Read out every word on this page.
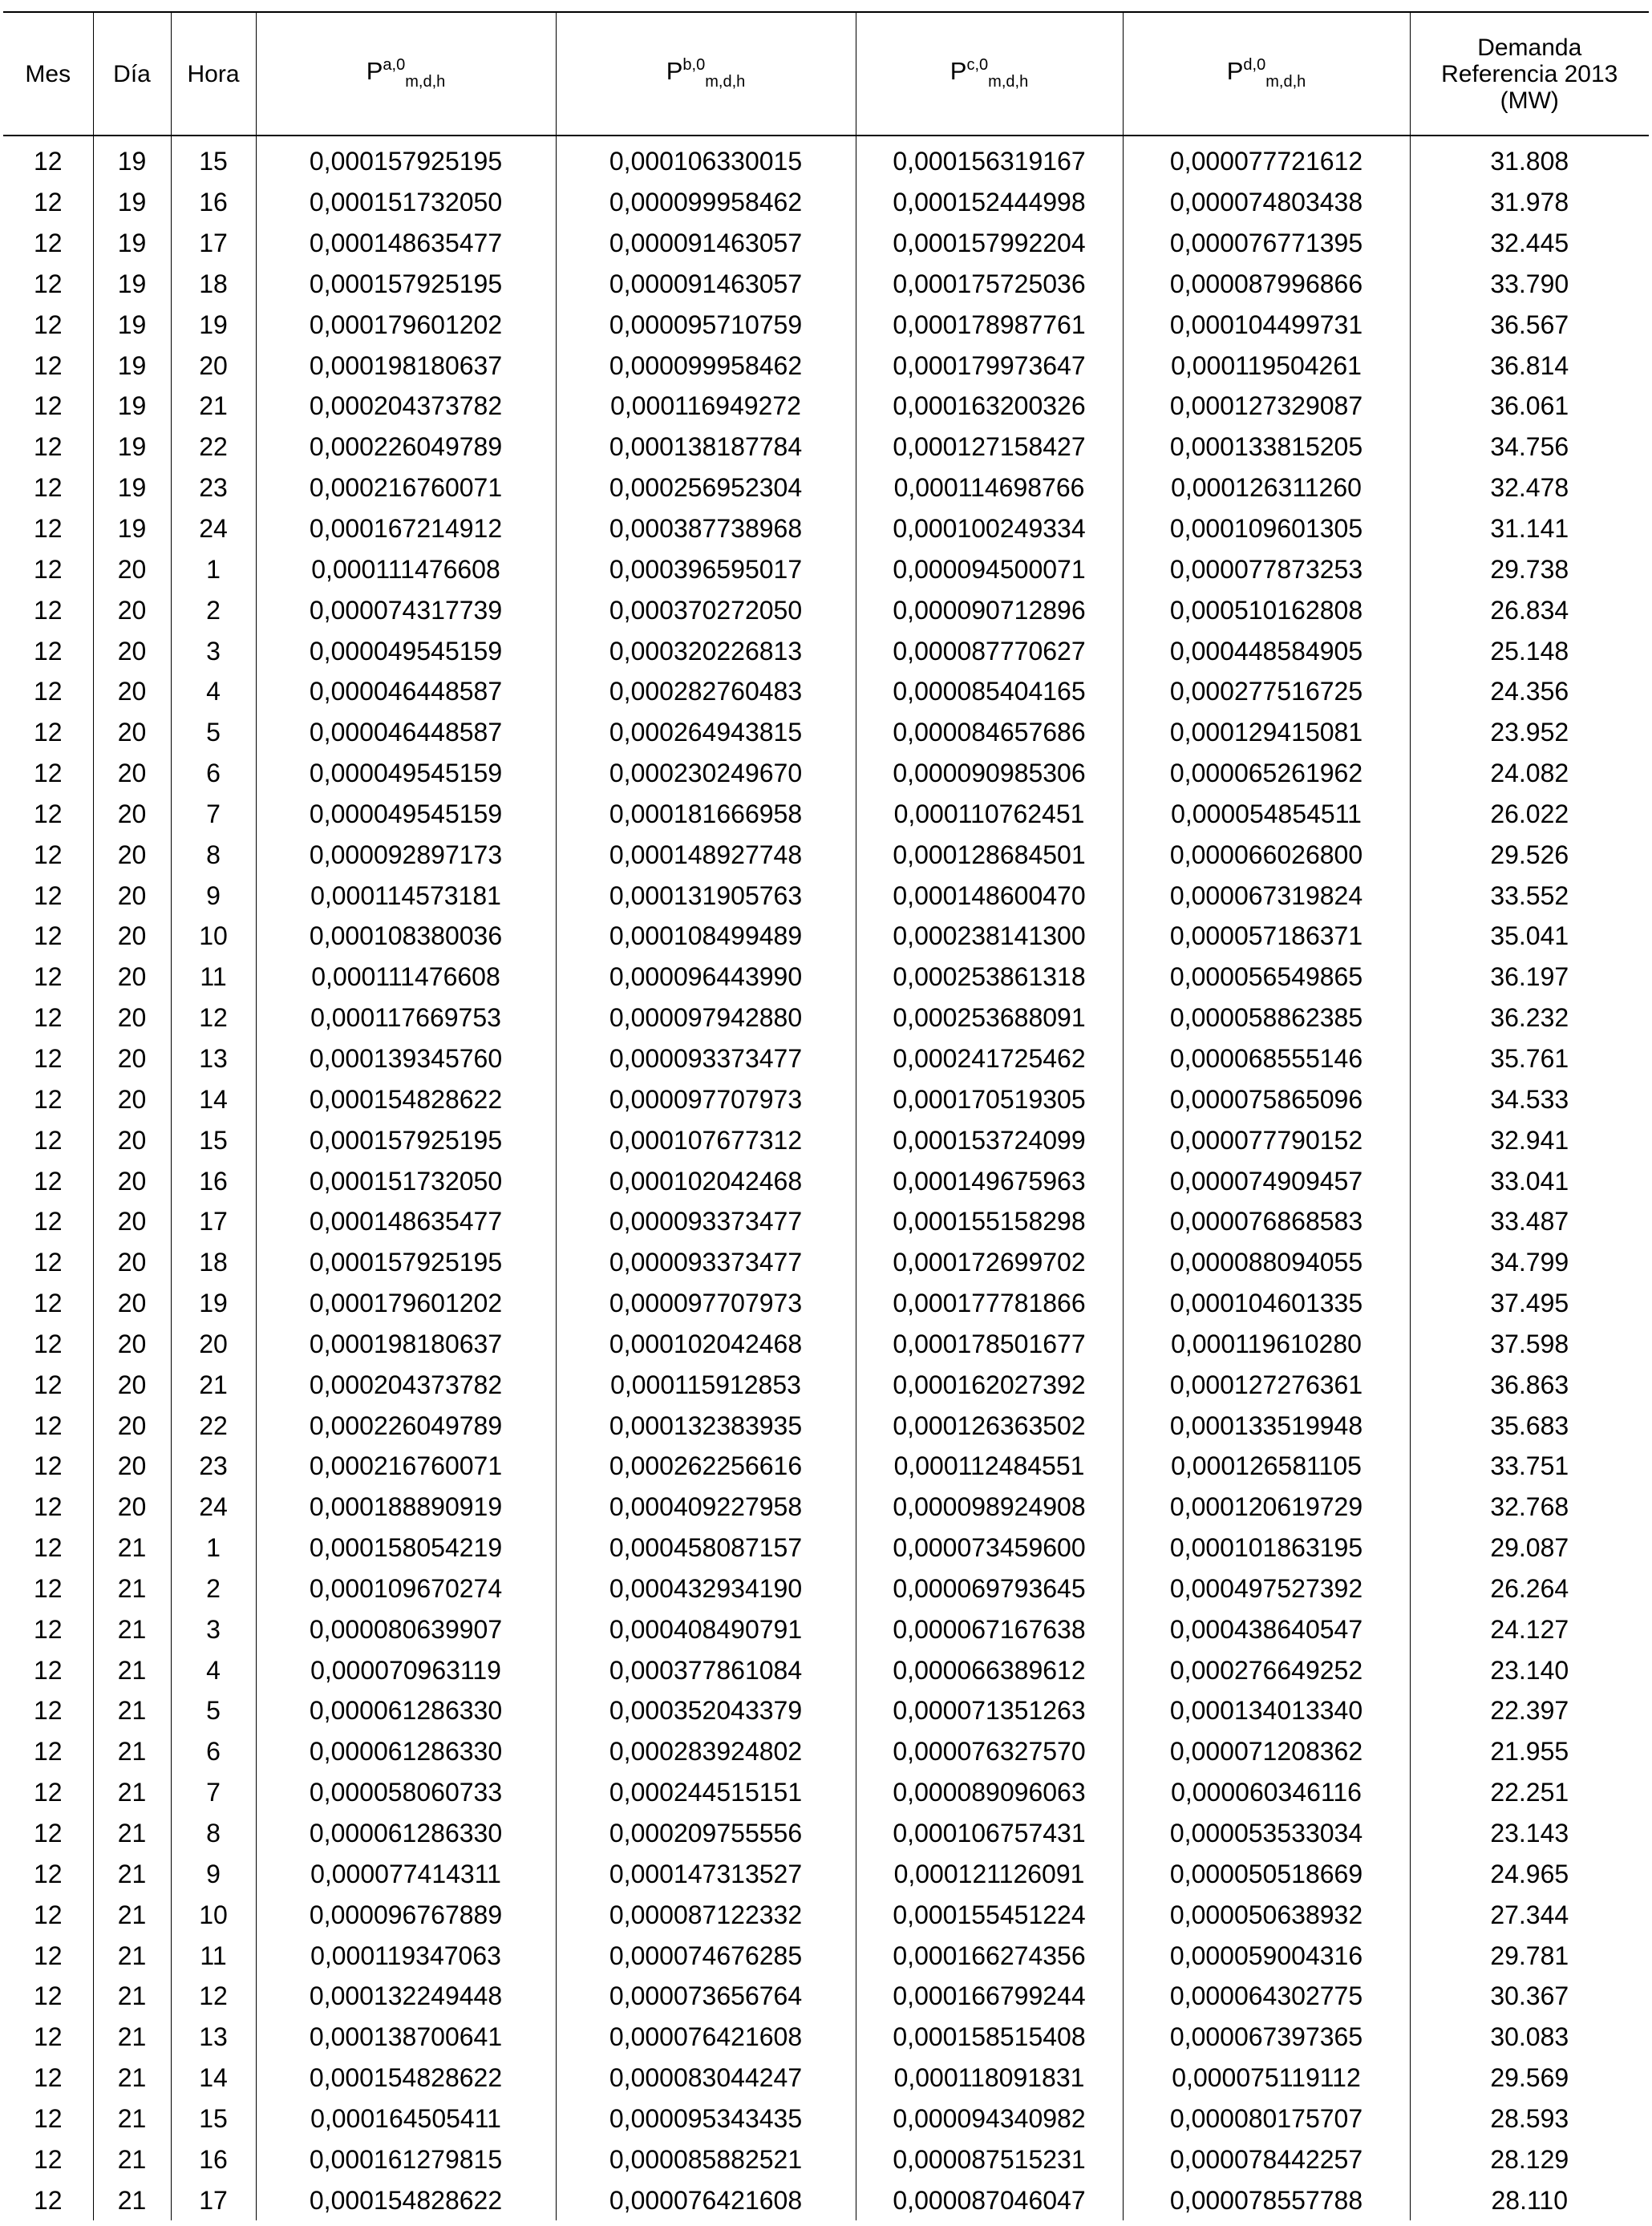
Mes	Día	Hora	P$^{a,0}_{m,d,h}$	P$^{b,0}_{m,d,h}$	P$^{c,0}_{m,d,h}$	P$^{d,0}_{m,d,h}$	Demanda
Referencia 2013
(MW)

12	19	15	0,000157925195	0,000106330015	0,000156319167	0,000077721612	31.808
12	19	16	0,000151732050	0,000099958462	0,000152444998	0,000074803438	31.978
12	19	17	0,000148635477	0,000091463057	0,000157992204	0,000076771395	32.445
12	19	18	0,000157925195	0,000091463057	0,000175725036	0,000087996866	33.790
12	19	19	0,000179601202	0,000095710759	0,000178987761	0,000104499731	36.567
12	19	20	0,000198180637	0,000099958462	0,000179973647	0,000119504261	36.814
12	19	21	0,000204373782	0,000116949272	0,000163200326	0,000127329087	36.061
12	19	22	0,000226049789	0,000138187784	0,000127158427	0,000133815205	34.756
12	19	23	0,000216760071	0,000256952304	0,000114698766	0,000126311260	32.478
12	19	24	0,000167214912	0,000387738968	0,000100249334	0,000109601305	31.141
12	20	1	0,000111476608	0,000396595017	0,000094500071	0,000077873253	29.738
12	20	2	0,000074317739	0,000370272050	0,000090712896	0,000510162808	26.834
12	20	3	0,000049545159	0,000320226813	0,000087770627	0,000448584905	25.148
12	20	4	0,000046448587	0,000282760483	0,000085404165	0,000277516725	24.356
12	20	5	0,000046448587	0,000264943815	0,000084657686	0,000129415081	23.952
12	20	6	0,000049545159	0,000230249670	0,000090985306	0,000065261962	24.082
12	20	7	0,000049545159	0,000181666958	0,000110762451	0,000054854511	26.022
12	20	8	0,000092897173	0,000148927748	0,000128684501	0,000066026800	29.526
12	20	9	0,000114573181	0,000131905763	0,000148600470	0,000067319824	33.552
12	20	10	0,000108380036	0,000108499489	0,000238141300	0,000057186371	35.041
12	20	11	0,000111476608	0,000096443990	0,000253861318	0,000056549865	36.197
12	20	12	0,000117669753	0,000097942880	0,000253688091	0,000058862385	36.232
12	20	13	0,000139345760	0,000093373477	0,000241725462	0,000068555146	35.761
12	20	14	0,000154828622	0,000097707973	0,000170519305	0,000075865096	34.533
12	20	15	0,000157925195	0,000107677312	0,000153724099	0,000077790152	32.941
12	20	16	0,000151732050	0,000102042468	0,000149675963	0,000074909457	33.041
12	20	17	0,000148635477	0,000093373477	0,000155158298	0,000076868583	33.487
12	20	18	0,000157925195	0,000093373477	0,000172699702	0,000088094055	34.799
12	20	19	0,000179601202	0,000097707973	0,000177781866	0,000104601335	37.495
12	20	20	0,000198180637	0,000102042468	0,000178501677	0,000119610280	37.598
12	20	21	0,000204373782	0,000115912853	0,000162027392	0,000127276361	36.863
12	20	22	0,000226049789	0,000132383935	0,000126363502	0,000133519948	35.683
12	20	23	0,000216760071	0,000262256616	0,000112484551	0,000126581105	33.751
12	20	24	0,000188890919	0,000409227958	0,000098924908	0,000120619729	32.768
12	21	1	0,000158054219	0,000458087157	0,000073459600	0,000101863195	29.087
12	21	2	0,000109670274	0,000432934190	0,000069793645	0,000497527392	26.264
12	21	3	0,000080639907	0,000408490791	0,000067167638	0,000438640547	24.127
12	21	4	0,000070963119	0,000377861084	0,000066389612	0,000276649252	23.140
12	21	5	0,000061286330	0,000352043379	0,000071351263	0,000134013340	22.397
12	21	6	0,000061286330	0,000283924802	0,000076327570	0,000071208362	21.955
12	21	7	0,000058060733	0,000244515151	0,000089096063	0,000060346116	22.251
12	21	8	0,000061286330	0,000209755556	0,000106757431	0,000053533034	23.143
12	21	9	0,000077414311	0,000147313527	0,000121126091	0,000050518669	24.965
12	21	10	0,000096767889	0,000087122332	0,000155451224	0,000050638932	27.344
12	21	11	0,000119347063	0,000074676285	0,000166274356	0,000059004316	29.781
12	21	12	0,000132249448	0,000073656764	0,000166799244	0,000064302775	30.367
12	21	13	0,000138700641	0,000076421608	0,000158515408	0,000067397365	30.083
12	21	14	0,000154828622	0,000083044247	0,000118091831	0,000075119112	29.569
12	21	15	0,000164505411	0,000095343435	0,000094340982	0,000080175707	28.593
12	21	16	0,000161279815	0,000085882521	0,000087515231	0,000078442257	28.129
12	21	17	0,000154828622	0,000076421608	0,000087046047	0,000078557788	28.110
